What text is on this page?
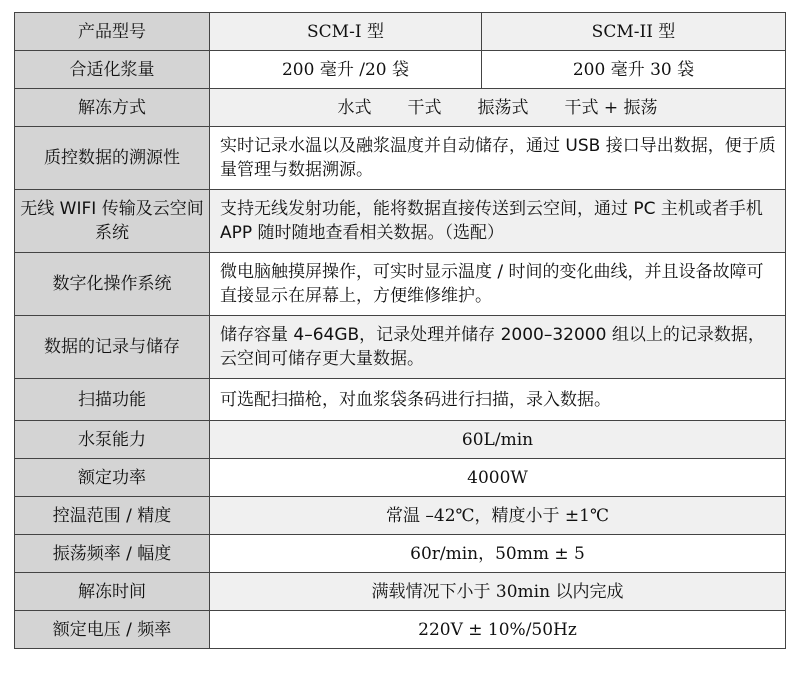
产品型号	SCM-I 型	SCM-II 型
合适化浆量	200 毫升 /20 袋	200 毫升 30 袋
解冻方式	水式 干式 振荡式 干式 + 振荡	
质控数据的溯源性	实时记录水温以及融浆温度并自动储存，通过 USB 接口导出数据，便于质量管理与数据溯源。	
无线 WIFI 传输及云空间系统	支持无线发射功能，能将数据直接传送到云空间，通过 PC 主机或者手机 APP 随时随地查看相关数据。（选配）	
数字化操作系统	微电脑触摸屏操作，可实时显示温度 / 时间的变化曲线，并且设备故障可直接显示在屏幕上，方便维修维护。	
数据的记录与储存	储存容量 4–64GB，记录处理并储存 2000–32000 组以上的记录数据，云空间可储存更大量数据。	
扫描功能	可选配扫描枪，对血浆袋条码进行扫描，录入数据。	
水泵能力	60L/min	
额定功率	4000W	
控温范围 / 精度	常温 –42℃，精度小于 ±1℃	
振荡频率 / 幅度	60r/min，50mm ± 5	
解冻时间	满载情况下小于 30min 以内完成	
额定电压 / 频率	220V ± 10%/50Hz	
